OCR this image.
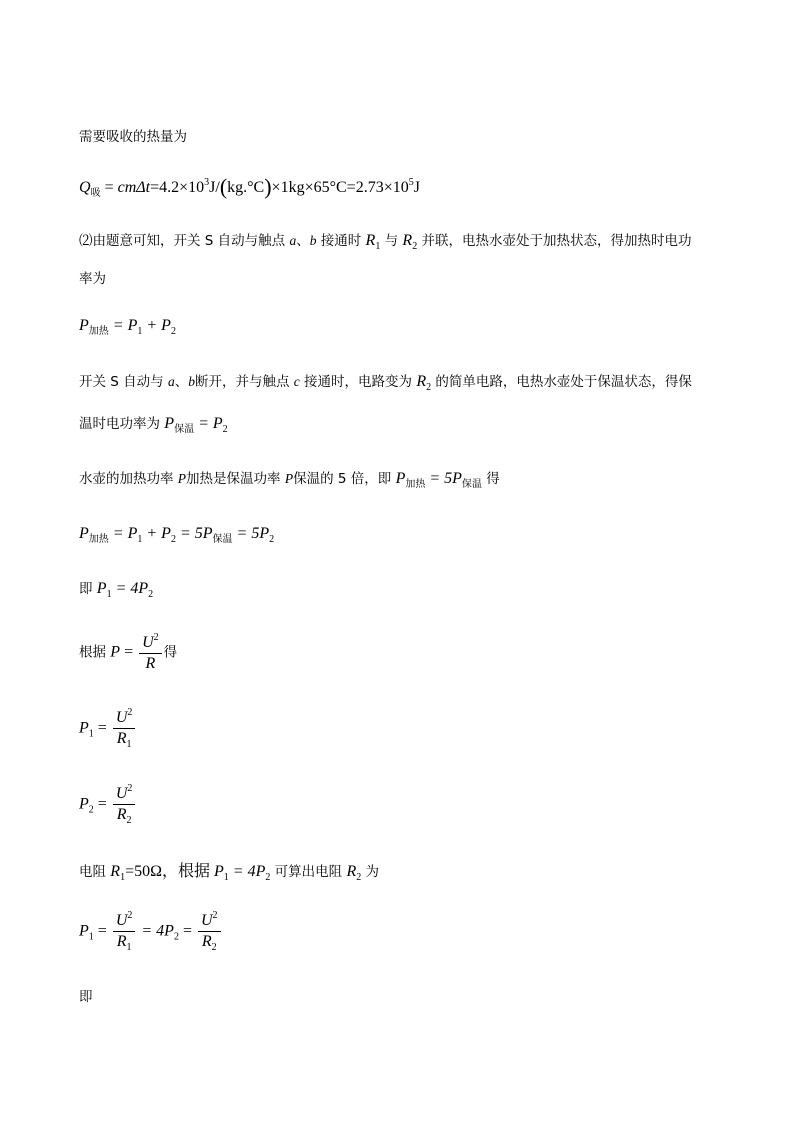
需要吸收的热量为
$Q_吸 = cm\Delta t=4.2\times 10^3J/(kg.^\circ C)\times 1kg\times 65^\circ C=2.73\times 10^5J$
⑵由题意可知，开关 S 自动与触点 a、b 接通时 $R_1$ 与 $R_2$ 并联，电热水壶处于加热状态，得加热时电功
率为
$P_{加热} = P_1 + P_2$
开关 S 自动与 a、b断开，并与触点 c 接通时，电路变为 $R_2$ 的简单电路，电热水壶处于保温状态，得保
温时电功率为 $P_{保温} = P_2$
水壶的加热功率 P加热是保温功率 P保温的 5 倍，即 $P_{加热} = 5P_{保温}$ 得
$P_{加热} = P_1 + P_2 = 5P_{保温} = 5P_2$
即 $P_1 = 4P_2$
根据 $P = \frac{U^2}{R}$ 得
$P_1 = \frac{U^2}{R_1}$
$P_2 = \frac{U^2}{R_2}$
电阻 $R_1=50\Omega$，根据 $P_1 = 4P_2$ 可算出电阻 $R_2$ 为
$P_1 = \frac{U^2}{R_1} = 4P_2 = \frac{U^2}{R_2}$
即
